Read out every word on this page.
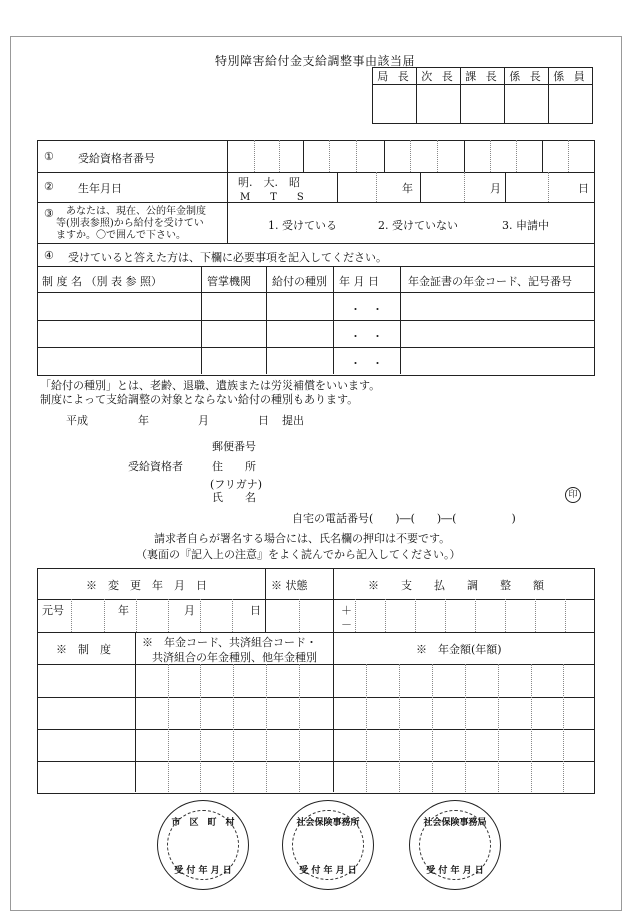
特別障害給付金支給調整事由該当届
局 長	次 長	課 長	係 長	係 員

① 受給資格者番号
② 生年月日	明.　大.　昭
M　　T　　S
年	月	日
③ あなたは、現在、公的年金制度
等(別表参照)から給付を受けてい
ますか。〇で囲んで下さい。
1. 受けている	2. 受けていない	3. 申請中
④ 受けていると答えた方は、下欄に必要事項を記入してください。
制 度 名 （別 表 参 照）	管掌機関 給付の種別 年 月 日	年金証書の年金コード、記号番号
・　・
・　・
・　・
「給付の種別」とは、老齢、退職、遺族または労災補償をいいます。
制度によって支給調整の対象とならない給付の種別もあります。
平成	年	月	日 提出
郵便番号
受給資格者	住　　所
(フリガナ)
氏　　名	印
自宅の電話番号(　　)―(　　)―(　　　　　)
請求者自らが署名する場合には、氏名欄の押印は不要です。
（裏面の『記入上の注意』をよく読んでから記入してください。）
※　変　更　年　月　日	※ 状態	※　　支　　払　　調　　整　　額
元号	年	月	日	＋
－
※　制　度
※　年金コード、共済組合コード・
共済組合の年金種別、他年金種別
※　年金額(年額)
市　区　町　村
受 付 年 月 日
社会保険事務所
受 付 年 月 日
社会保険事務局
受 付 年 月 日
